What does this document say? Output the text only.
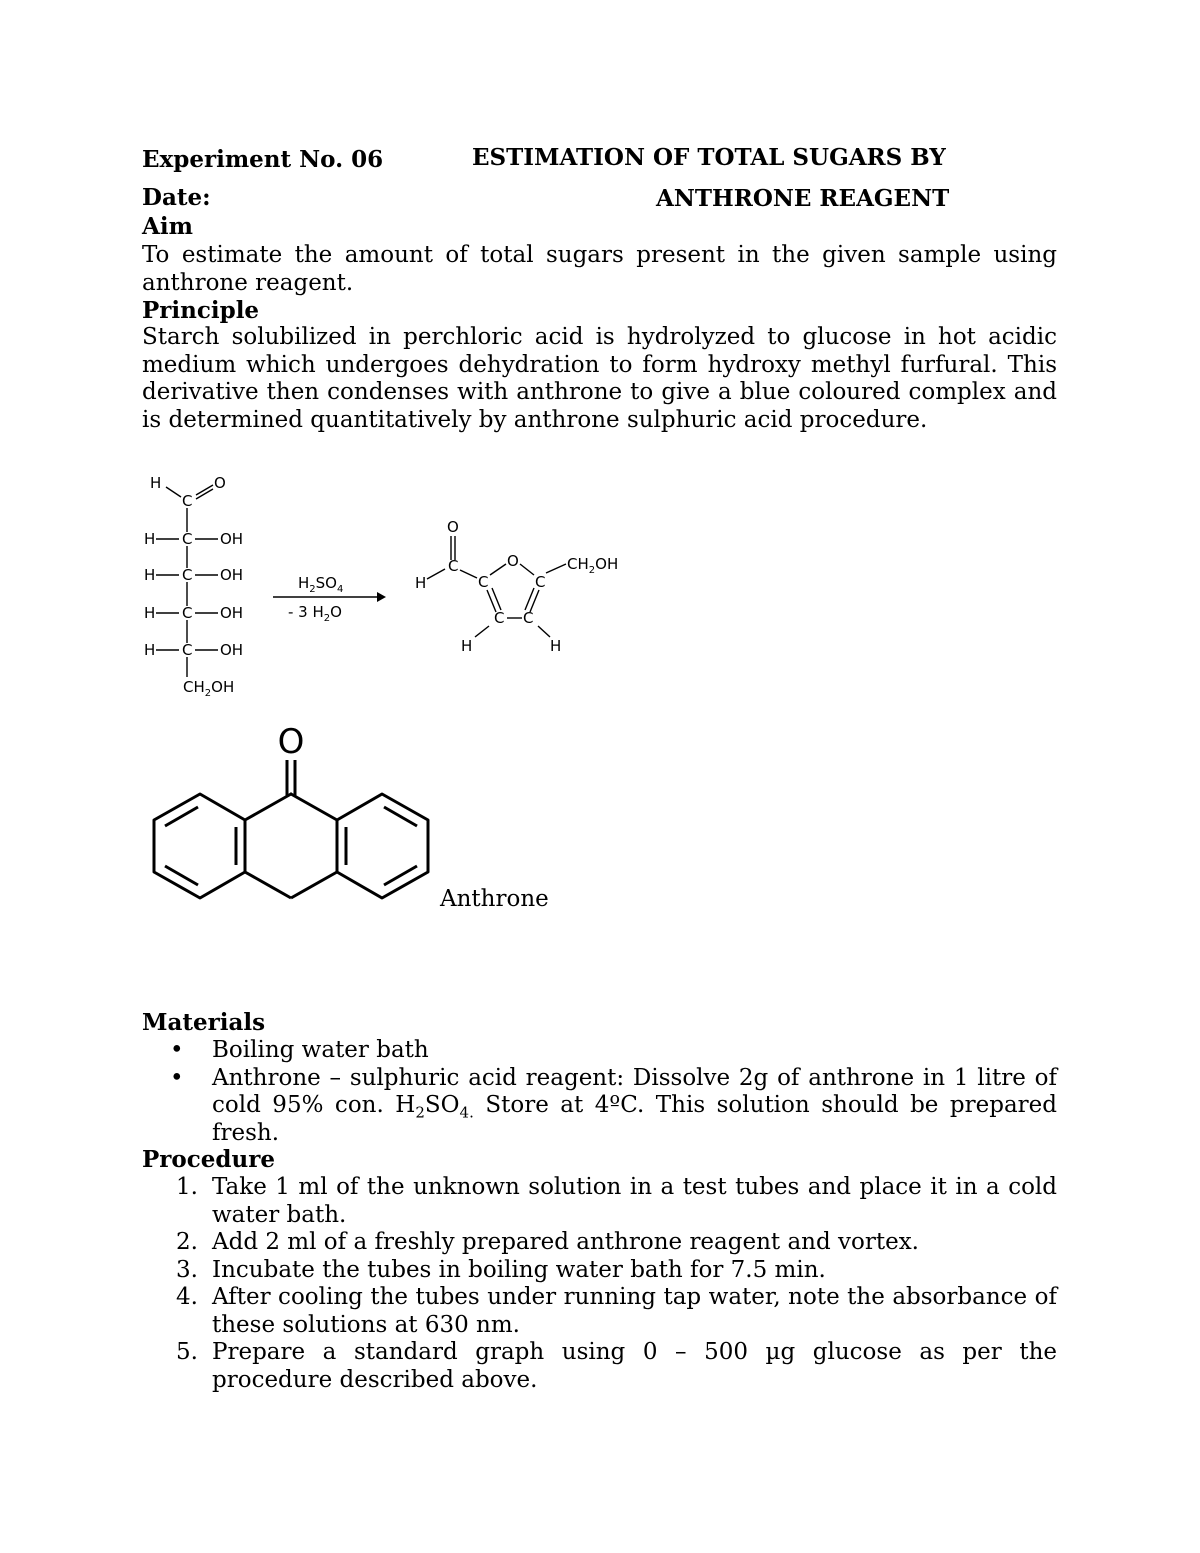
Experiment No. 06
Date:
ESTIMATION OF TOTAL SUGARS BY
ANTHRONE REAGENT
Aim

To estimate the amount of total sugars present in the given sample using anthrone reagent.

Principle

Starch solubilized in perchloric acid is hydrolyzed to glucose in hot acidic medium which undergoes dehydration to form hydroxy methyl furfural. This derivative then condenses with anthrone to give a blue coloured complex and is determined quantitatively by anthrone sulphuric acid procedure.

H	O
C
H C OH
H C OH
H C OH
H C OH
$CH_2OH$
$H_2SO_4$
- 3 $H_2O$
O
H
C
C
O
C
$CH_2OH$
C C
H	H
O
Anthrone
Materials
•	Boiling water bath
•	Anthrone – sulphuric acid reagent: Dissolve 2g of anthrone in 1 litre of cold 95% con. $H_2SO_{4.}$ Store at 4ºC. This solution should be prepared fresh.
Procedure
1. Take 1 ml of the unknown solution in a test tubes and place it in a cold water bath.
2. Add 2 ml of a freshly prepared anthrone reagent and vortex.
3. Incubate the tubes in boiling water bath for 7.5 min.
4. After cooling the tubes under running tap water, note the absorbance of these solutions at 630 nm.
5. Prepare a standard graph using 0 – 500 µg glucose as per the procedure described above.
